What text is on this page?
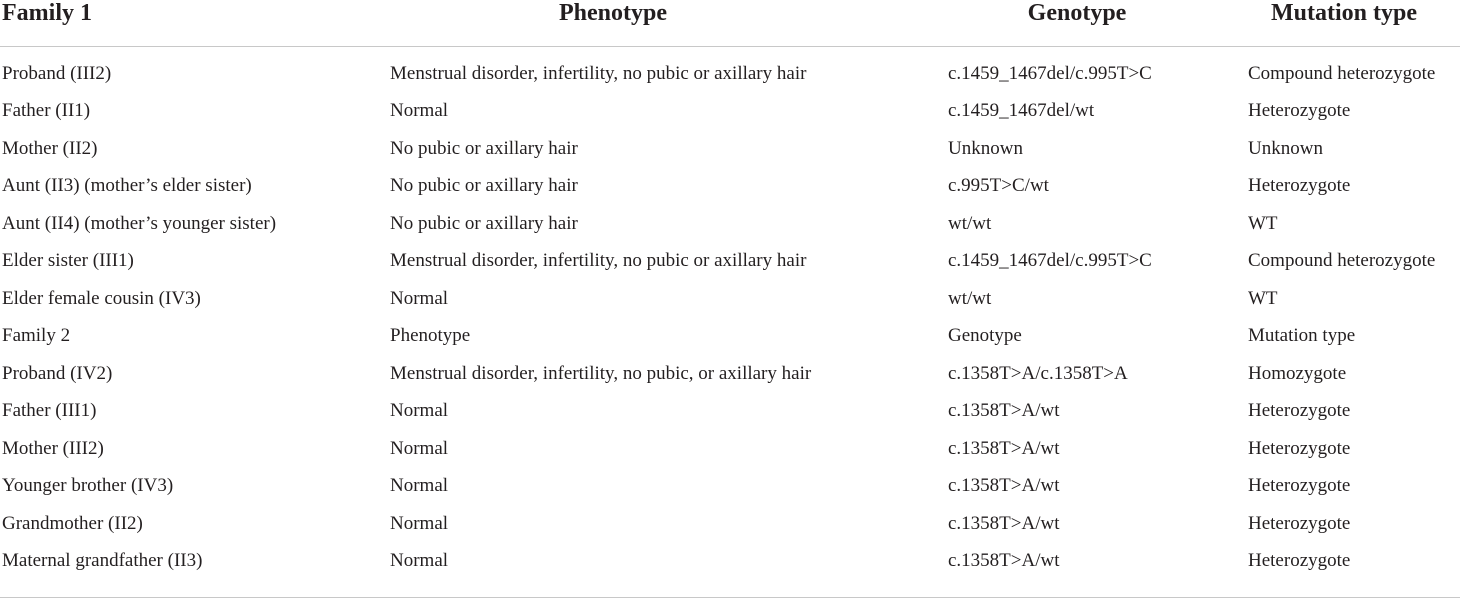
Family 1	Phenotype	Genotype	Mutation type
Proband (III2)	Menstrual disorder, infertility, no pubic or axillary hair	c.1459_1467del/c.995T>C	Compound heterozygote
Father (II1)	Normal	c.1459_1467del/wt	Heterozygote
Mother (II2)	No pubic or axillary hair	Unknown	Unknown
Aunt (II3) (mother’s elder sister)	No pubic or axillary hair	c.995T>C/wt	Heterozygote
Aunt (II4) (mother’s younger sister)	No pubic or axillary hair	wt/wt	WT
Elder sister (III1)	Menstrual disorder, infertility, no pubic or axillary hair	c.1459_1467del/c.995T>C	Compound heterozygote
Elder female cousin (IV3)	Normal	wt/wt	WT
Family 2	Phenotype	Genotype	Mutation type
Proband (IV2)	Menstrual disorder, infertility, no pubic, or axillary hair	c.1358T>A/c.1358T>A	Homozygote
Father (III1)	Normal	c.1358T>A/wt	Heterozygote
Mother (III2)	Normal	c.1358T>A/wt	Heterozygote
Younger brother (IV3)	Normal	c.1358T>A/wt	Heterozygote
Grandmother (II2)	Normal	c.1358T>A/wt	Heterozygote
Maternal grandfather (II3)	Normal	c.1358T>A/wt	Heterozygote
